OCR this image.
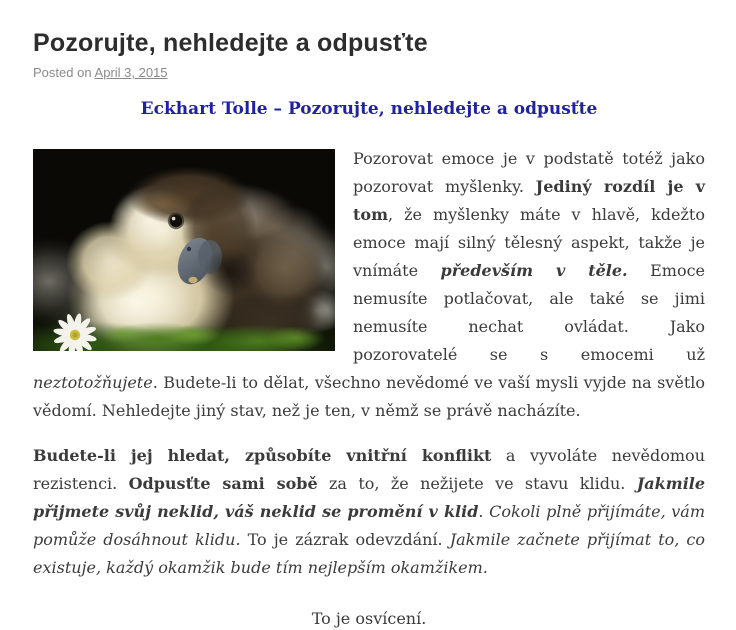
Pozorujte, nehledejte a odpusťte
Posted on April 3, 2015
Eckhart Tolle – Pozorujte, nehledejte a odpusťte

Pozorovat emoce je v podstatě totéž jako pozorovat myšlenky. Jediný rozdíl je v tom, že myšlenky máte v hlavě, kdežto emoce mají silný tělesný aspekt, takže je vnímáte především v těle. Emoce nemusíte potlačovat, ale také se jimi nemusíte nechat ovládat. Jako pozorovatelé se s emocemi už neztotožňujete. Budete-li to dělat, všechno nevědomé ve vaší mysli vyjde na světlo vědomí. Nehledejte jiný stav, než je ten, v němž se právě nacházíte.

Budete-li jej hledat, způsobíte vnitřní konflikt a vyvoláte nevědomou rezistenci. Odpusťte sami sobě za to, že nežijete ve stavu klidu. Jakmile přijmete svůj neklid, váš neklid se promění v klid. Cokoli plně přijímáte, vám pomůže dosáhnout klidu. To je zázrak odevzdání. Jakmile začnete přijímat to, co existuje, každý okamžik bude tím nejlepším okamžikem.

To je osvícení.
